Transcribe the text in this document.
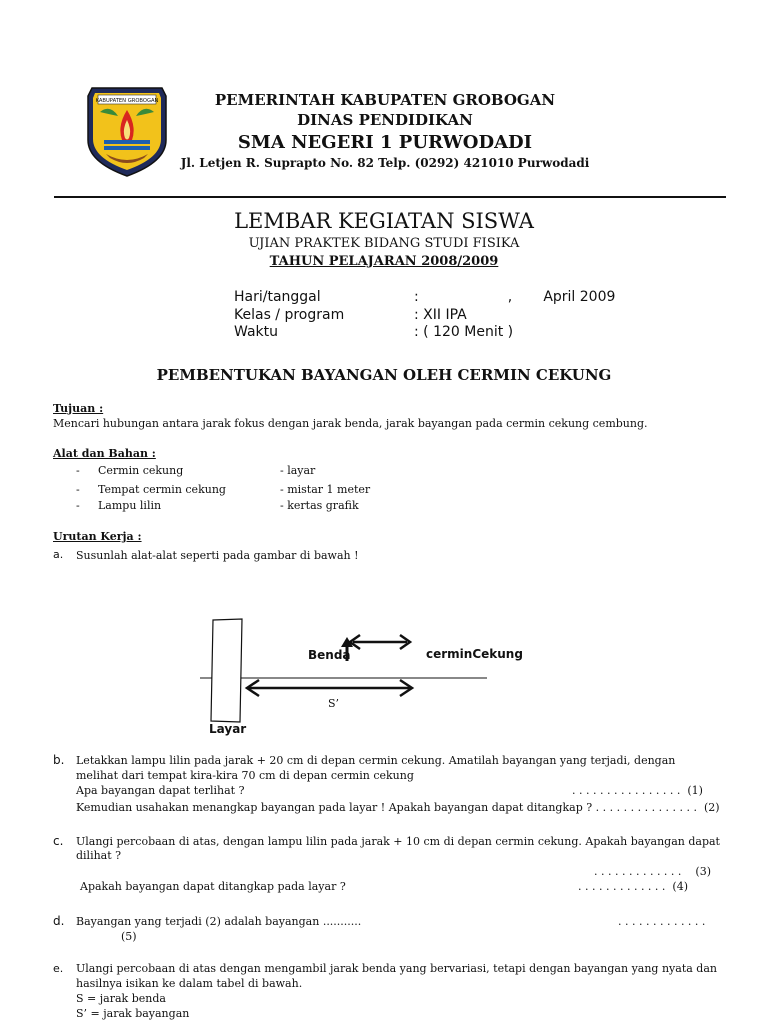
KABUPATEN GROBOGAN	PEMERINTAH KABUPATEN GROBOGAN
DINAS PENDIDIKAN
SMA NEGERI 1 PURWODADI
Jl. Letjen R. Suprapto No. 82 Telp. (0292) 421010 Purwodadi
LEMBAR KEGIATAN SISWA
UJIAN PRAKTEK BIDANG STUDI FISIKA
TAHUN PELAJARAN 2008/2009
Hari/tanggal	:                    ,       April 2009
Kelas / program	: XII IPA
Waktu	: ( 120 Menit )
PEMBENTUKAN BAYANGAN OLEH CERMIN CEKUNG
Tujuan :
Mencari hubungan antara jarak fokus dengan jarak benda, jarak bayangan pada cermin cekung cembung.
Alat dan Bahan :
- Cermin cekung	- layar
- Tempat cermin cekung	- mistar 1 meter
- Lampu lilin	- kertas grafik
Urutan Kerja :
a. Susunlah alat-alat seperti pada gambar di bawah !
Benda	cerminCekung
S’
Layar
b. Letakkan lampu lilin pada jarak + 20 cm di depan cermin cekung. Amatilah bayangan yang terjadi, dengan
melihat dari tempat kira-kira 70 cm di depan cermin cekung
Apa bayangan dapat terlihat ?	. . . . . . . . . . . . . . . .  (1)
Kemudian usahakan menangkap bayangan pada layar ! Apakah bayangan dapat ditangkap ? . . . . . . . . . . . . . . .  (2)
c. Ulangi percobaan di atas, dengan lampu lilin pada jarak + 10 cm di depan cermin cekung. Apakah bayangan dapat
dilihat ?
. . . . . . . . . . . . .    (3)
Apakah bayangan dapat ditangkap pada layar ?	. . . . . . . . . . . . .  (4)
d. Bayangan yang terjadi (2) adalah bayangan ...........	. . . . . . . . . . . . .
(5)
e. Ulangi percobaan di atas dengan mengambil jarak benda yang bervariasi, tetapi dengan bayangan yang nyata dan
hasilnya isikan ke dalam tabel di bawah.
S = jarak benda
S’ = jarak bayangan
